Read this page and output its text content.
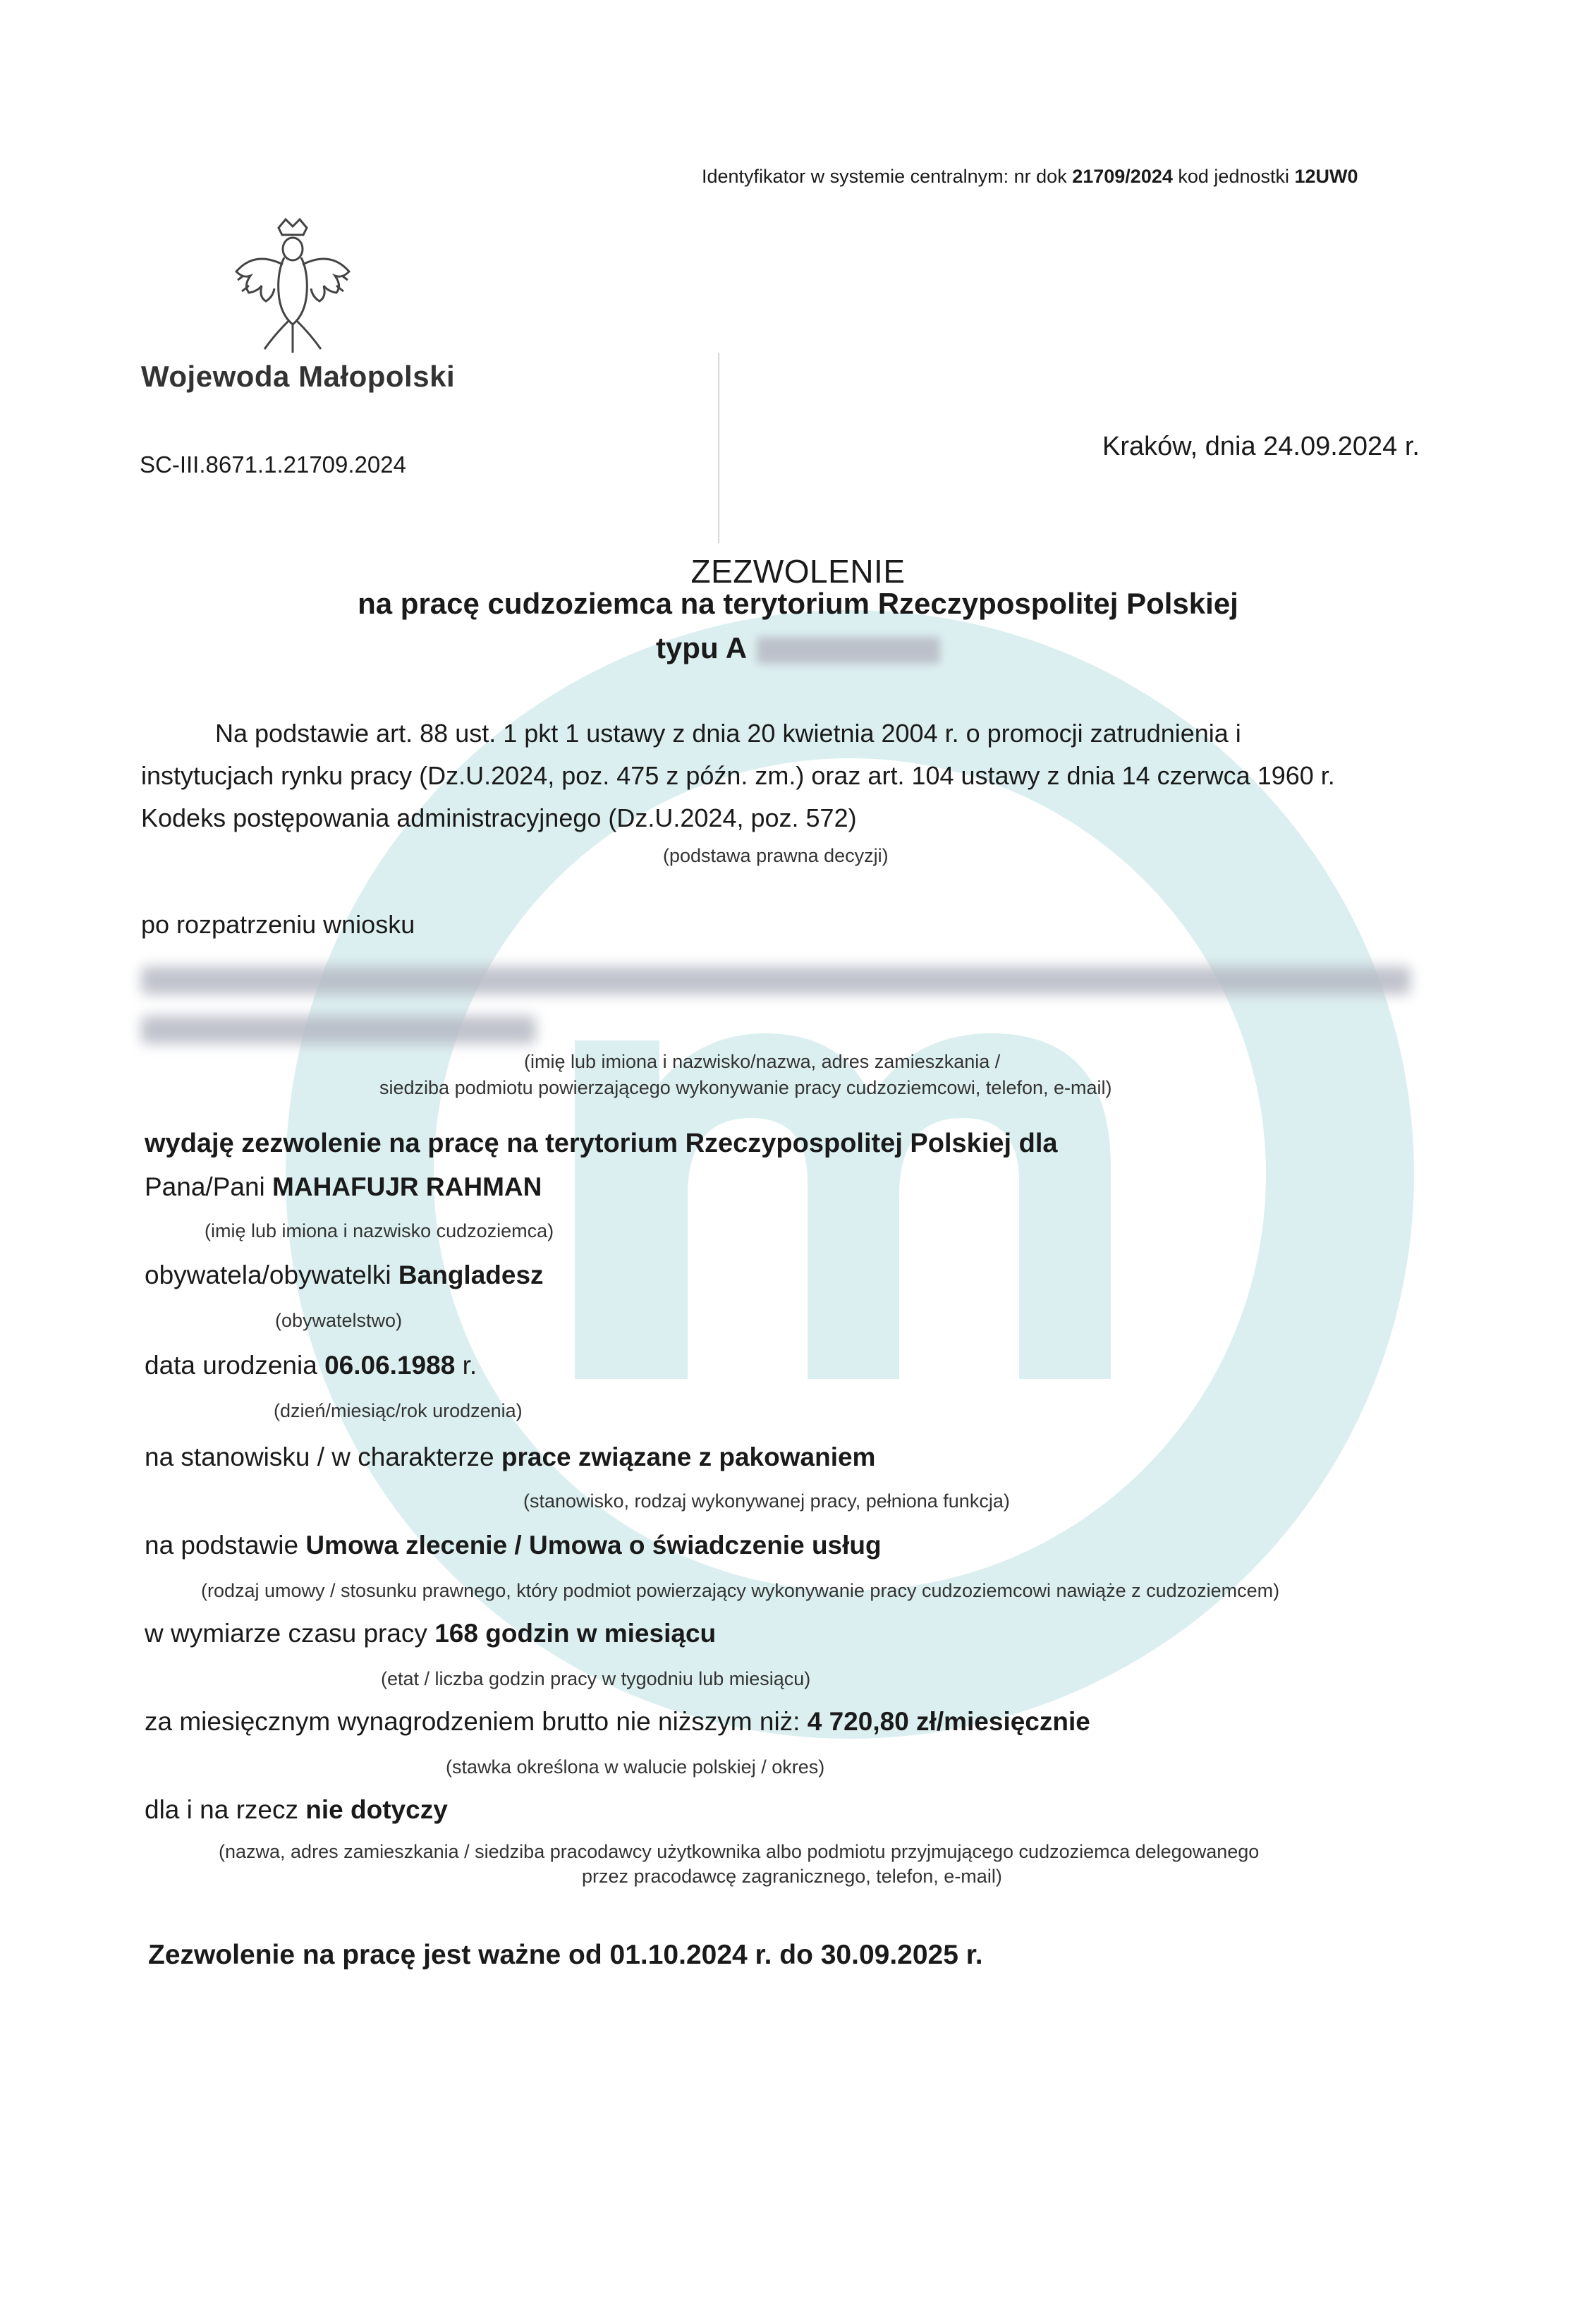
Identyfikator w systemie centralnym: nr dok 21709/2024 kod jednostki 12UW0
Wojewoda Małopolski
SC-III.8671.1.21709.2024
Kraków, dnia 24.09.2024 r.
ZEZWOLENIE
na pracę cudzoziemca na terytorium Rzeczypospolitej Polskiej
typu A
Na podstawie art. 88 ust. 1 pkt 1 ustawy z dnia 20 kwietnia 2004 r. o promocji zatrudnienia i
instytucjach rynku pracy (Dz.U.2024, poz. 475 z późn. zm.) oraz art. 104 ustawy z dnia 14 czerwca 1960 r.
Kodeks postępowania administracyjnego (Dz.U.2024, poz. 572)
(podstawa prawna decyzji)
po rozpatrzeniu wniosku
(imię lub imiona i nazwisko/nazwa, adres zamieszkania /
siedziba podmiotu powierzającego wykonywanie pracy cudzoziemcowi, telefon, e-mail)
wydaję zezwolenie na pracę na terytorium Rzeczypospolitej Polskiej dla
Pana/Pani MAHAFUJR RAHMAN
(imię lub imiona i nazwisko cudzoziemca)
obywatela/obywatelki Bangladesz
(obywatelstwo)
data urodzenia 06.06.1988 r.
(dzień/miesiąc/rok urodzenia)
na stanowisku / w charakterze prace związane z pakowaniem
(stanowisko, rodzaj wykonywanej pracy, pełniona funkcja)
na podstawie Umowa zlecenie / Umowa o świadczenie usług
(rodzaj umowy / stosunku prawnego, który podmiot powierzający wykonywanie pracy cudzoziemcowi nawiąże z cudzoziemcem)
w wymiarze czasu pracy 168 godzin w miesiącu
(etat / liczba godzin pracy w tygodniu lub miesiącu)
za miesięcznym wynagrodzeniem brutto nie niższym niż: 4 720,80 zł/miesięcznie
(stawka określona w walucie polskiej / okres)
dla i na rzecz nie dotyczy
(nazwa, adres zamieszkania / siedziba pracodawcy użytkownika albo podmiotu przyjmującego cudzoziemca delegowanego
przez pracodawcę zagranicznego, telefon, e-mail)
Zezwolenie na pracę jest ważne od 01.10.2024 r. do 30.09.2025 r.
